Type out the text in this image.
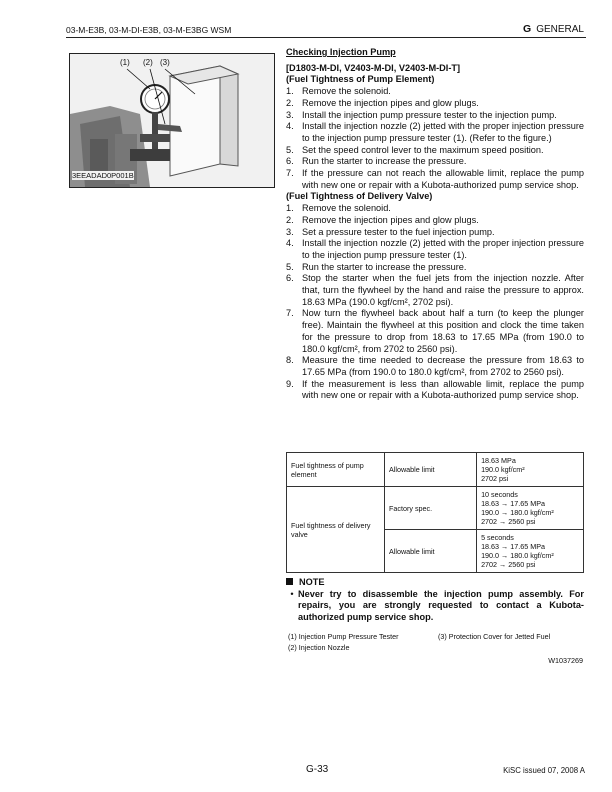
03-M-E3B, 03-M-DI-E3B, 03-M-E3BG WSM	G GENERAL
(1) (2) (3)
3EEADAD0P001B
Checking Injection Pump
[D1803-M-DI, V2403-M-DI, V2403-M-DI-T]
(Fuel Tightness of Pump Element)
1. Remove the solenoid.
2. Remove the injection pipes and glow plugs.
3. Install the injection pump pressure tester to the injection pump.
4. Install the injection nozzle (2) jetted with the proper injection pressure to the injection pump pressure tester (1). (Refer to the figure.)
5. Set the speed control lever to the maximum speed position.
6. Run the starter to increase the pressure.
7. If the pressure can not reach the allowable limit, replace the pump with new one or repair with a Kubota-authorized pump service shop.
(Fuel Tightness of Delivery Valve)
1. Remove the solenoid.
2. Remove the injection pipes and glow plugs.
3. Set a pressure tester to the fuel injection pump.
4. Install the injection nozzle (2) jetted with the proper injection pressure to the injection pump pressure tester (1).
5. Run the starter to increase the pressure.
6. Stop the starter when the fuel jets from the injection nozzle. After that, turn the flywheel by the hand and raise the pressure to approx. 18.63 MPa (190.0 kgf/cm², 2702 psi).
7. Now turn the flywheel back about half a turn (to keep the plunger free). Maintain the flywheel at this position and clock the time taken for the pressure to drop from 18.63 to 17.65 MPa (from 190.0 to 180.0 kgf/cm², from 2702 to 2560 psi).
8. Measure the time needed to decrease the pressure from 18.63 to 17.65 MPa (from 190.0 to 180.0 kgf/cm², from 2702 to 2560 psi).
9. If the measurement is less than allowable limit, replace the pump with new one or repair with a Kubota-authorized pump service shop.
Fuel tightness of pump element	Allowable limit	18.63 MPa
190.0 kgf/cm²
2702 psi

Fuel tightness of delivery valve	Factory spec.	10 seconds
18.63 → 17.65 MPa
190.0 → 180.0 kgf/cm²
2702 → 2560 psi

	Allowable limit	5 seconds
18.63 → 17.65 MPa
190.0 → 180.0 kgf/cm²
2702 → 2560 psi
NOTE
• Never try to disassemble the injection pump assembly. For repairs, you are strongly requested to contact a Kubota-authorized pump service shop.
(1) Injection Pump Pressure Tester	(3) Protection Cover for Jetted Fuel
(2) Injection Nozzle
W1037269
G-33	KiSC issued 07, 2008 A
